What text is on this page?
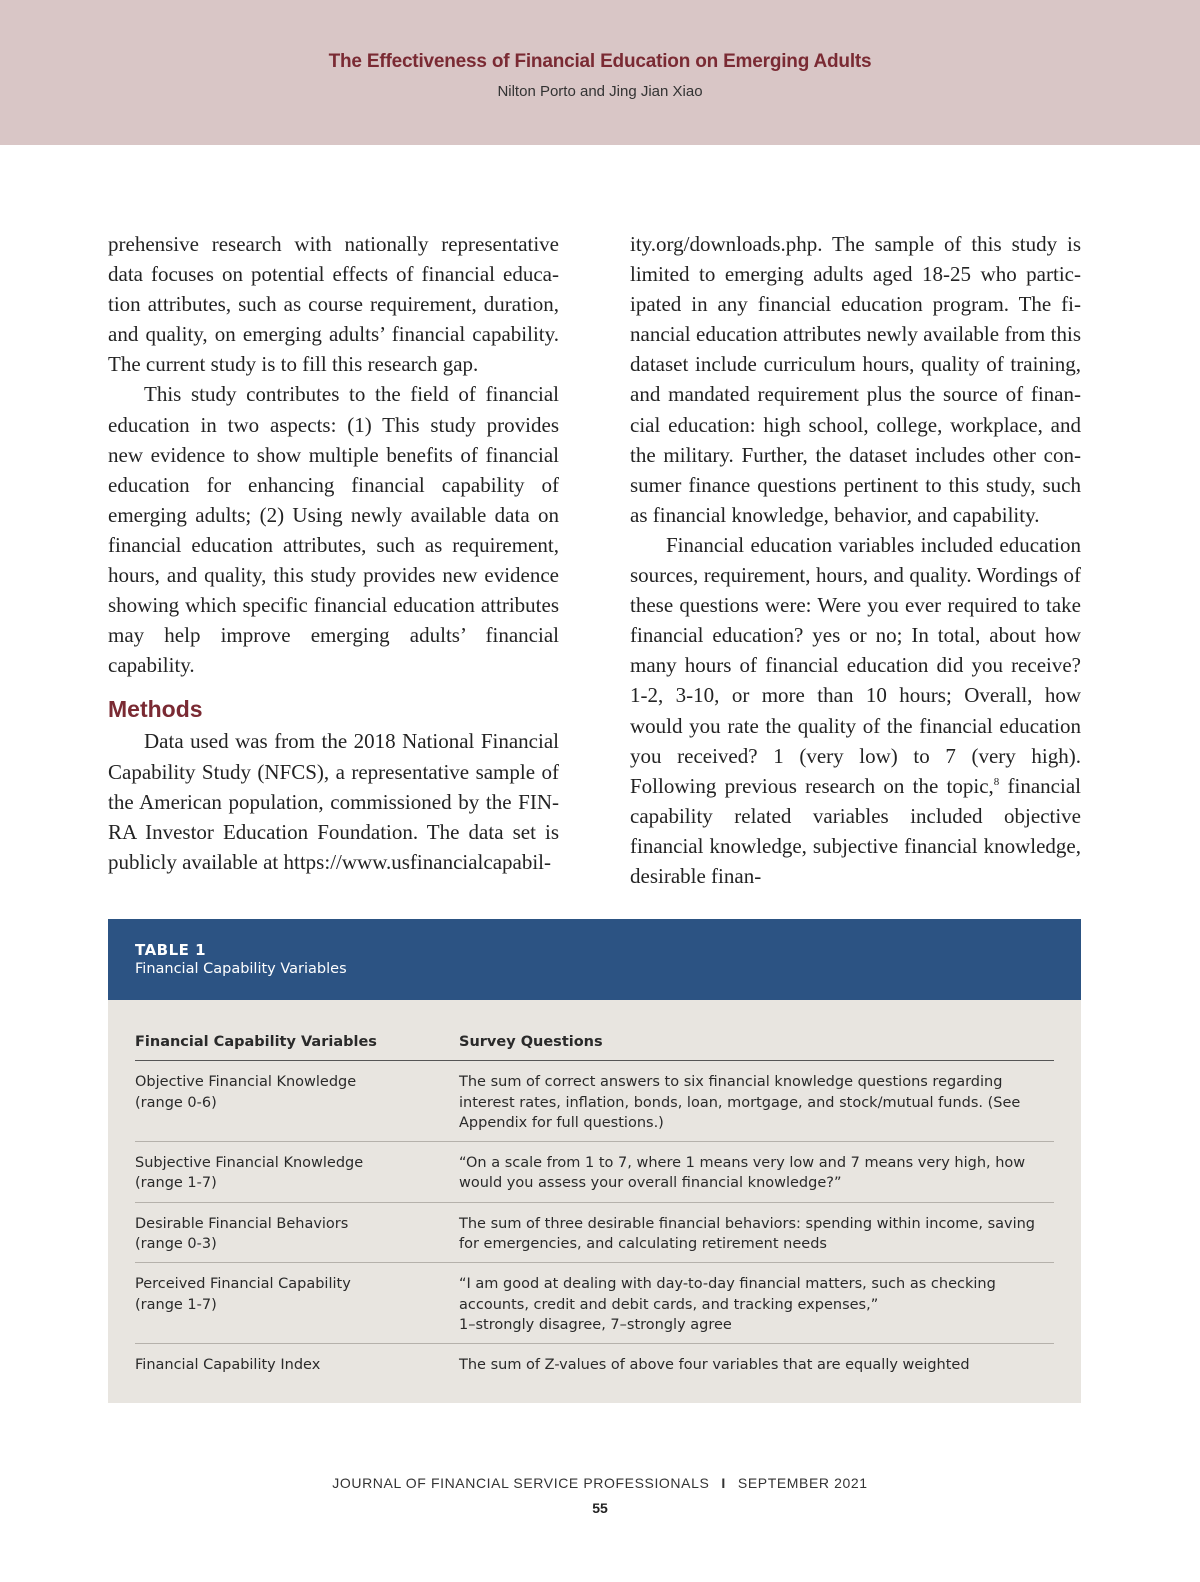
The Effectiveness of Financial Education on Emerging Adults
Nilton Porto and Jing Jian Xiao

prehensive research with nationally representative data focuses on potential effects of financial education attributes, such as course requirement, duration, and quality, on emerging adults’ financial capability. The current study is to fill this research gap.

This study contributes to the field of financial education in two aspects: (1) This study provides new evidence to show multiple benefits of financial education for enhancing financial capability of emerging adults; (2) Using newly available data on financial education attributes, such as requirement, hours, and quality, this study provides new evidence showing which specific financial education attributes may help improve emerging adults’ financial capability.

Methods

Data used was from the 2018 National Financial Capability Study (NFCS), a representative sample of the American population, commissioned by the FINRA Investor Education Foundation. The data set is publicly available at https://www.usfinancialcapabil-

ity.org/downloads.php. The sample of this study is limited to emerging adults aged 18-25 who participated in any financial education program. The financial education attributes newly available from this dataset include curriculum hours, quality of training, and mandated requirement plus the source of financial education: high school, college, workplace, and the military. Further, the dataset includes other consumer finance questions pertinent to this study, such as financial knowledge, behavior, and capability.

Financial education variables included education sources, requirement, hours, and quality. Wordings of these questions were: Were you ever required to take financial education? yes or no; In total, about how many hours of financial education did you receive? 1-2, 3-10, or more than 10 hours; Overall, how would you rate the quality of the financial education you received? 1 (very low) to 7 (very high). Following previous research on the topic,$^8$ financial capability related variables included objective financial knowledge, subjective financial knowledge, desirable finan-

TABLE 1
Financial Capability Variables
Financial Capability Variables	Survey Questions
Objective Financial Knowledge
(range 0-6)
The sum of correct answers to six financial knowledge questions regarding interest rates, inflation, bonds, loan, mortgage, and stock/mutual funds. (See Appendix for full questions.)
Subjective Financial Knowledge
(range 1-7)
“On a scale from 1 to 7, where 1 means very low and 7 means very high, how would you assess your overall financial knowledge?”
Desirable Financial Behaviors
(range 0-3)
The sum of three desirable financial behaviors: spending within income, saving for emergencies, and calculating retirement needs
Perceived Financial Capability
(range 1-7)
“I am good at dealing with day-to-day financial matters, such as checking accounts, credit and debit cards, and tracking expenses,”
1–strongly disagree, 7–strongly agree
Financial Capability Index	The sum of Z-values of above four variables that are equally weighted
JOURNAL OF FINANCIAL SERVICE PROFESSIONALS I SEPTEMBER 2021
55
